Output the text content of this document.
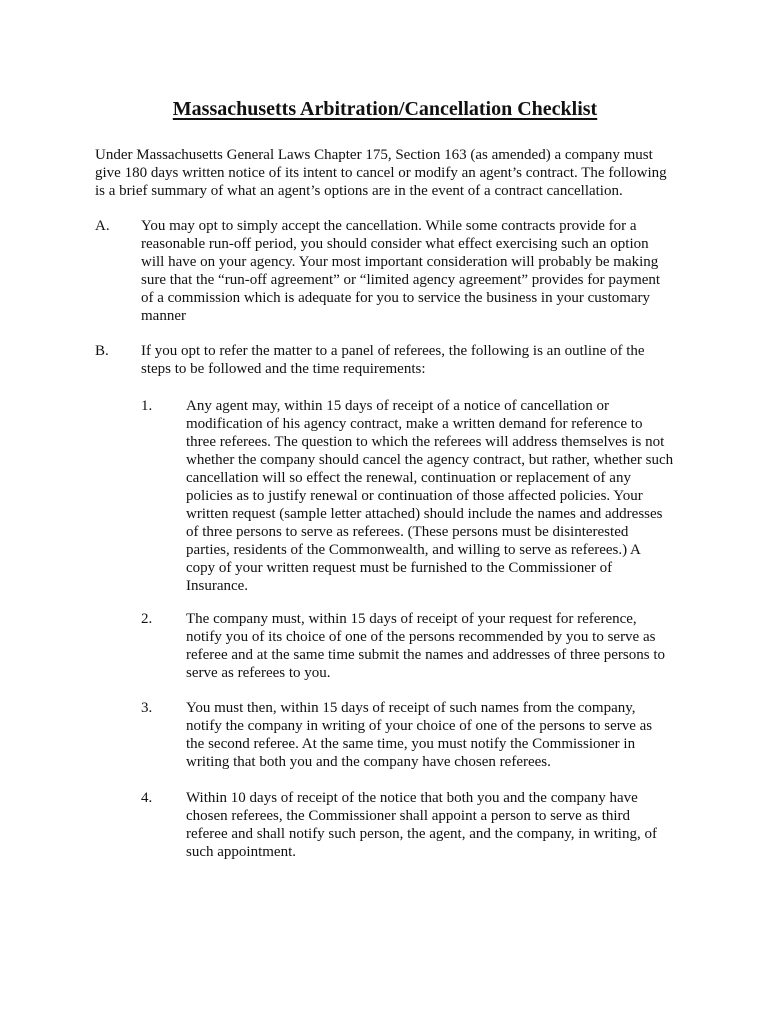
Massachusetts Arbitration/Cancellation Checklist
Under Massachusetts General Laws Chapter 175, Section 163 (as amended) a company must
give 180 days written notice of its intent to cancel or modify an agent’s contract. The following
is a brief summary of what an agent’s options are in the event of a contract cancellation.
A. You may opt to simply accept the cancellation. While some contracts provide for a
reasonable run-off period, you should consider what effect exercising such an option
will have on your agency. Your most important consideration will probably be making
sure that the “run-off agreement” or “limited agency agreement” provides for payment
of a commission which is adequate for you to service the business in your customary
manner
B. If you opt to refer the matter to a panel of referees, the following is an outline of the
steps to be followed and the time requirements:
1. Any agent may, within 15 days of receipt of a notice of cancellation or
modification of his agency contract, make a written demand for reference to
three referees. The question to which the referees will address themselves is not
whether the company should cancel the agency contract, but rather, whether such
cancellation will so effect the renewal, continuation or replacement of any
policies as to justify renewal or continuation of those affected policies. Your
written request (sample letter attached) should include the names and addresses
of three persons to serve as referees. (These persons must be disinterested
parties, residents of the Commonwealth, and willing to serve as referees.) A
copy of your written request must be furnished to the Commissioner of
Insurance.
2. The company must, within 15 days of receipt of your request for reference,
notify you of its choice of one of the persons recommended by you to serve as
referee and at the same time submit the names and addresses of three persons to
serve as referees to you.
3. You must then, within 15 days of receipt of such names from the company,
notify the company in writing of your choice of one of the persons to serve as
the second referee. At the same time, you must notify the Commissioner in
writing that both you and the company have chosen referees.
4. Within 10 days of receipt of the notice that both you and the company have
chosen referees, the Commissioner shall appoint a person to serve as third
referee and shall notify such person, the agent, and the company, in writing, of
such appointment.
